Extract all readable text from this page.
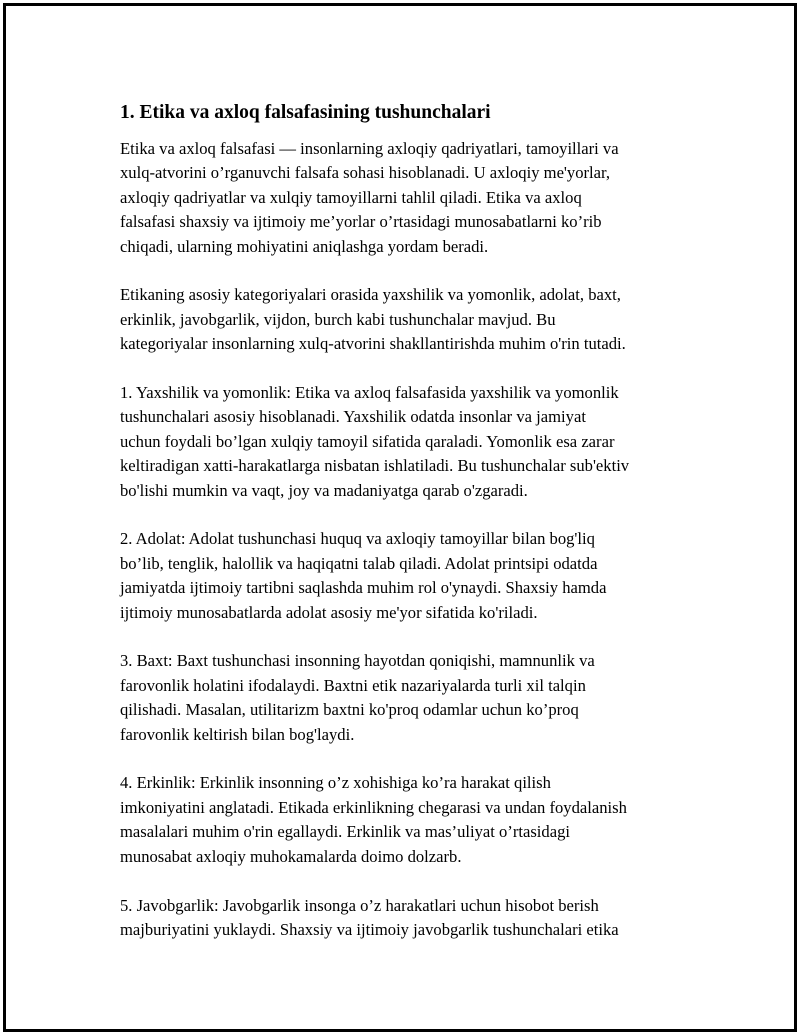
1. Etika va axloq falsafasining tushunchalari

Etika va axloq falsafasi — insonlarning axloqiy qadriyatlari, tamoyillari va
xulq-atvorini o’rganuvchi falsafa sohasi hisoblanadi. U axloqiy me'yorlar,
axloqiy qadriyatlar va xulqiy tamoyillarni tahlil qiladi. Etika va axloq
falsafasi shaxsiy va ijtimoiy me’yorlar o’rtasidagi munosabatlarni ko’rib
chiqadi, ularning mohiyatini aniqlashga yordam beradi.

Etikaning asosiy kategoriyalari orasida yaxshilik va yomonlik, adolat, baxt,
erkinlik, javobgarlik, vijdon, burch kabi tushunchalar mavjud. Bu
kategoriyalar insonlarning xulq-atvorini shakllantirishda muhim o'rin tutadi.

1. Yaxshilik va yomonlik: Etika va axloq falsafasida yaxshilik va yomonlik
tushunchalari asosiy hisoblanadi. Yaxshilik odatda insonlar va jamiyat
uchun foydali bo’lgan xulqiy tamoyil sifatida qaraladi. Yomonlik esa zarar
keltiradigan xatti-harakatlarga nisbatan ishlatiladi. Bu tushunchalar sub'ektiv
bo'lishi mumkin va vaqt, joy va madaniyatga qarab o'zgaradi.

2. Adolat: Adolat tushunchasi huquq va axloqiy tamoyillar bilan bog'liq
bo’lib, tenglik, halollik va haqiqatni talab qiladi. Adolat printsipi odatda
jamiyatda ijtimoiy tartibni saqlashda muhim rol o'ynaydi. Shaxsiy hamda
ijtimoiy munosabatlarda adolat asosiy me'yor sifatida ko'riladi.

3. Baxt: Baxt tushunchasi insonning hayotdan qoniqishi, mamnunlik va
farovonlik holatini ifodalaydi. Baxtni etik nazariyalarda turli xil talqin
qilishadi. Masalan, utilitarizm baxtni ko'proq odamlar uchun ko’proq
farovonlik keltirish bilan bog'laydi.

4. Erkinlik: Erkinlik insonning o’z xohishiga ko’ra harakat qilish
imkoniyatini anglatadi. Etikada erkinlikning chegarasi va undan foydalanish
masalalari muhim o'rin egallaydi. Erkinlik va mas’uliyat o’rtasidagi
munosabat axloqiy muhokamalarda doimo dolzarb.

5. Javobgarlik: Javobgarlik insonga o’z harakatlari uchun hisobot berish
majburiyatini yuklaydi. Shaxsiy va ijtimoiy javobgarlik tushunchalari etika
